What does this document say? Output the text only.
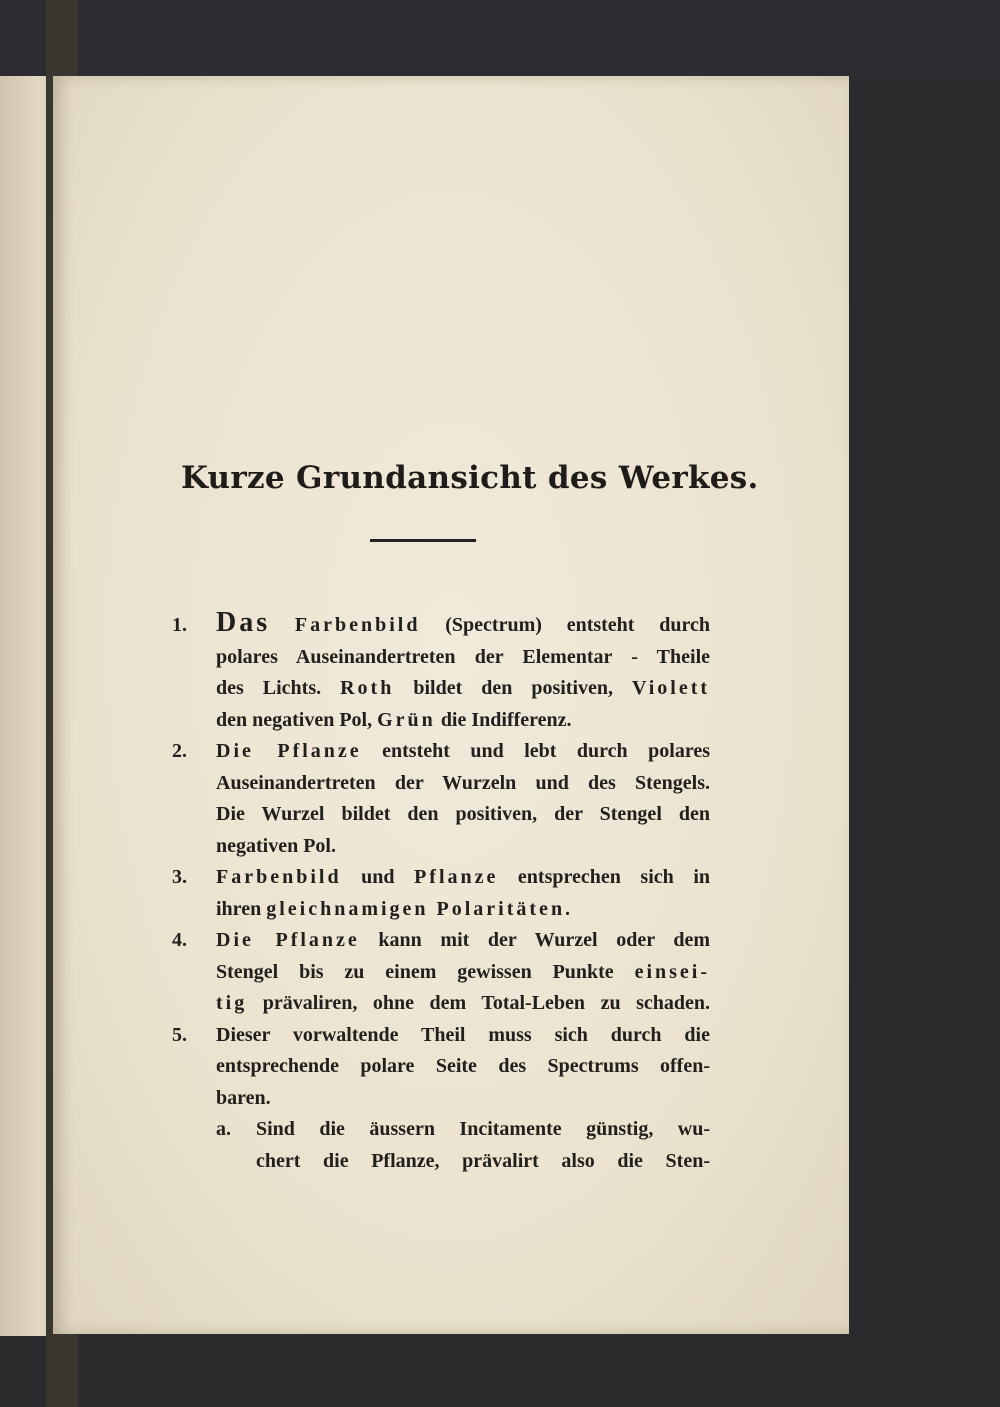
Kurze Grundansicht des Werkes.
1.	Das Farbenbild (Spectrum) entsteht durch
polares Auseinandertreten der Elementar - Theile
des Lichts. Roth bildet den positiven, Violett
den negativen Pol, Grün die Indifferenz.
2.	Die Pflanze entsteht und lebt durch polares
Auseinandertreten der Wurzeln und des Stengels.
Die Wurzel bildet den positiven, der Stengel den
negativen Pol.
3.	Farbenbild und Pflanze entsprechen sich in
ihren gleichnamigen Polaritäten.
4.	Die Pflanze kann mit der Wurzel oder dem
Stengel bis zu einem gewissen Punkte einsei-
tig prävaliren, ohne dem Total-Leben zu schaden.
5.	Dieser vorwaltende Theil muss sich durch die
entsprechende polare Seite des Spectrums offen-
baren.
a.	Sind die äussern Incitamente günstig, wu-
chert die Pflanze, prävalirt also die Sten-
